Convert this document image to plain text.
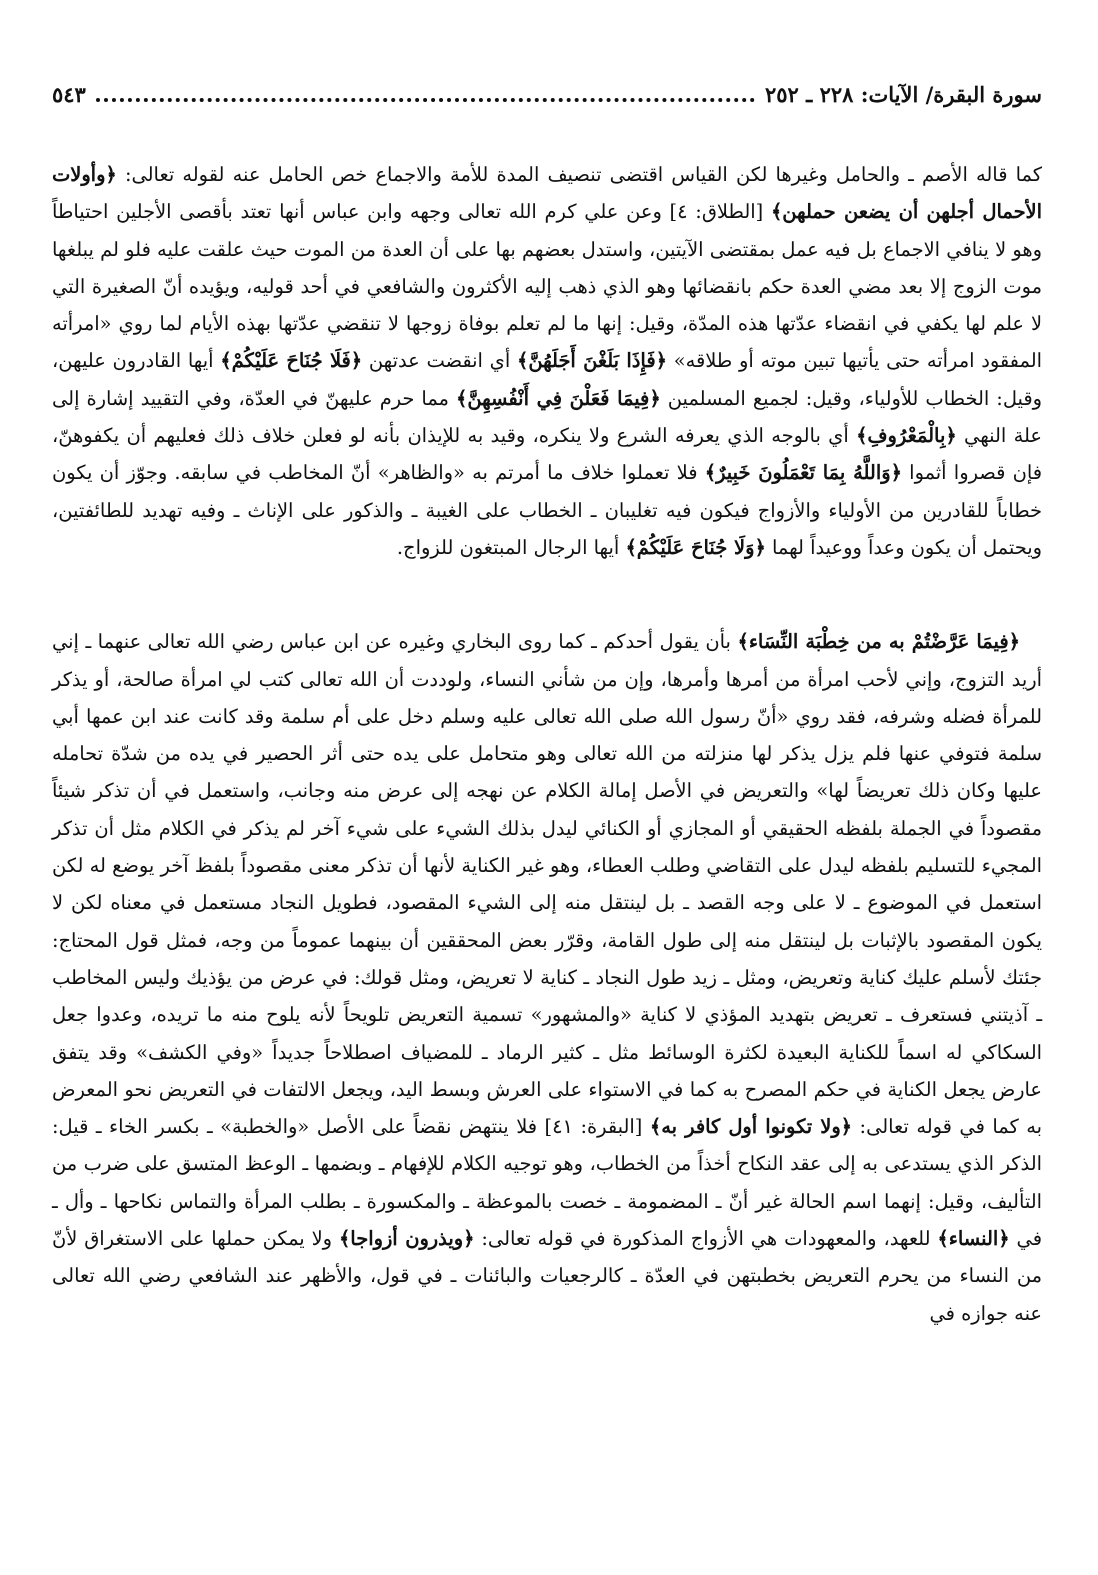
سورة البقرة/ الآيات: ٢٢٨ ـ ٢٥٢
٥٤٣

كما قاله الأصم ـ والحامل وغيرها لكن القياس اقتضى تنصيف المدة للأمة والاجماع خص الحامل عنه لقوله تعالى: ﴿وأولات الأحمال أجلهن أن يضعن حملهن﴾ [الطلاق: ٤] وعن علي كرم الله تعالى وجهه وابن عباس أنها تعتد بأقصى الأجلين احتياطاً وهو لا ينافي الاجماع بل فيه عمل بمقتضى الآيتين، واستدل بعضهم بها على أن العدة من الموت حيث علقت عليه فلو لم يبلغها موت الزوج إلا بعد مضي العدة حكم بانقضائها وهو الذي ذهب إليه الأكثرون والشافعي في أحد قوليه، ويؤيده أنّ الصغيرة التي لا علم لها يكفي في انقضاء عدّتها هذه المدّة، وقيل: إنها ما لم تعلم بوفاة زوجها لا تنقضي عدّتها بهذه الأيام لما روي «امرأته المفقود امرأته حتى يأتيها تبين موته أو طلاقه» ﴿فَإِذَا بَلَغْنَ أَجَلَهُنَّ﴾ أي انقضت عدتهن ﴿فَلَا جُنَاحَ عَلَيْكُمْ﴾ أيها القادرون عليهن، وقيل: الخطاب للأولياء، وقيل: لجميع المسلمين ﴿فِيمَا فَعَلْنَ فِي أَنْفُسِهِنَّ﴾ مما حرم عليهنّ في العدّة، وفي التقييد إشارة إلى علة النهي ﴿بِالْمَعْرُوفِ﴾ أي بالوجه الذي يعرفه الشرع ولا ينكره، وقيد به للإيذان بأنه لو فعلن خلاف ذلك فعليهم أن يكفوهنّ، فإن قصروا أثموا ﴿وَاللَّهُ بِمَا تَعْمَلُونَ خَبِيرٌ﴾ فلا تعملوا خلاف ما أمرتم به «والظاهر» أنّ المخاطب في سابقه. وجوّز أن يكون خطاباً للقادرين من الأولياء والأزواج فيكون فيه تغليبان ـ الخطاب على الغيبة ـ والذكور على الإناث ـ وفيه تهديد للطائفتين، ويحتمل أن يكون وعداً ووعيداً لهما ﴿وَلَا جُنَاحَ عَلَيْكُمْ﴾ أيها الرجال المبتغون للزواج.

﴿فِيمَا عَرَّضْتُمْ به من خِطْبَة النِّسَاء﴾ بأن يقول أحدكم ـ كما روى البخاري وغيره عن ابن عباس رضي الله تعالى عنهما ـ إني أريد التزوج، وإني لأحب امرأة من أمرها وأمرها، وإن من شأني النساء، ولوددت أن الله تعالى كتب لي امرأة صالحة، أو يذكر للمرأة فضله وشرفه، فقد روي «أنّ رسول الله صلى الله تعالى عليه وسلم دخل على أم سلمة وقد كانت عند ابن عمها أبي سلمة فتوفي عنها فلم يزل يذكر لها منزلته من الله تعالى وهو متحامل على يده حتى أثر الحصير في يده من شدّة تحامله عليها وكان ذلك تعريضاً لها» والتعريض في الأصل إمالة الكلام عن نهجه إلى عرض منه وجانب، واستعمل في أن تذكر شيئاً مقصوداً في الجملة بلفظه الحقيقي أو المجازي أو الكنائي ليدل بذلك الشيء على شيء آخر لم يذكر في الكلام مثل أن تذكر المجيء للتسليم بلفظه ليدل على التقاضي وطلب العطاء، وهو غير الكناية لأنها أن تذكر معنى مقصوداً بلفظ آخر يوضع له لكن استعمل في الموضوع ـ لا على وجه القصد ـ بل لينتقل منه إلى الشيء المقصود، فطويل النجاد مستعمل في معناه لكن لا يكون المقصود بالإثبات بل لينتقل منه إلى طول القامة، وقرّر بعض المحققين أن بينهما عموماً من وجه، فمثل قول المحتاج: جئتك لأسلم عليك كناية وتعريض، ومثل ـ زيد طول النجاد ـ كناية لا تعريض، ومثل قولك: في عرض من يؤذيك وليس المخاطب ـ آذيتني فستعرف ـ تعريض بتهديد المؤذي لا كناية «والمشهور» تسمية التعريض تلويحاً لأنه يلوح منه ما تريده، وعدوا جعل السكاكي له اسماً للكناية البعيدة لكثرة الوسائط مثل ـ كثير الرماد ـ للمضياف اصطلاحاً جديداً «وفي الكشف» وقد يتفق عارض يجعل الكناية في حكم المصرح به كما في الاستواء على العرش وبسط اليد، ويجعل الالتفات في التعريض نحو المعرض به كما في قوله تعالى: ﴿ولا تكونوا أول كافر به﴾ [البقرة: ٤١] فلا ينتهض نقضاً على الأصل «والخطبة» ـ بكسر الخاء ـ قيل: الذكر الذي يستدعى به إلى عقد النكاح أخذاً من الخطاب، وهو توجيه الكلام للإفهام ـ وبضمها ـ الوعظ المتسق على ضرب من التأليف، وقيل: إنهما اسم الحالة غير أنّ ـ المضمومة ـ خصت بالموعظة ـ والمكسورة ـ بطلب المرأة والتماس نكاحها ـ وأل ـ في ﴿النساء﴾ للعهد، والمعهودات هي الأزواج المذكورة في قوله تعالى: ﴿ويذرون أزواجا﴾ ولا يمكن حملها على الاستغراق لأنّ من النساء من يحرم التعريض بخطبتهن في العدّة ـ كالرجعيات والبائنات ـ في قول، والأظهر عند الشافعي رضي الله تعالى عنه جوازه في
